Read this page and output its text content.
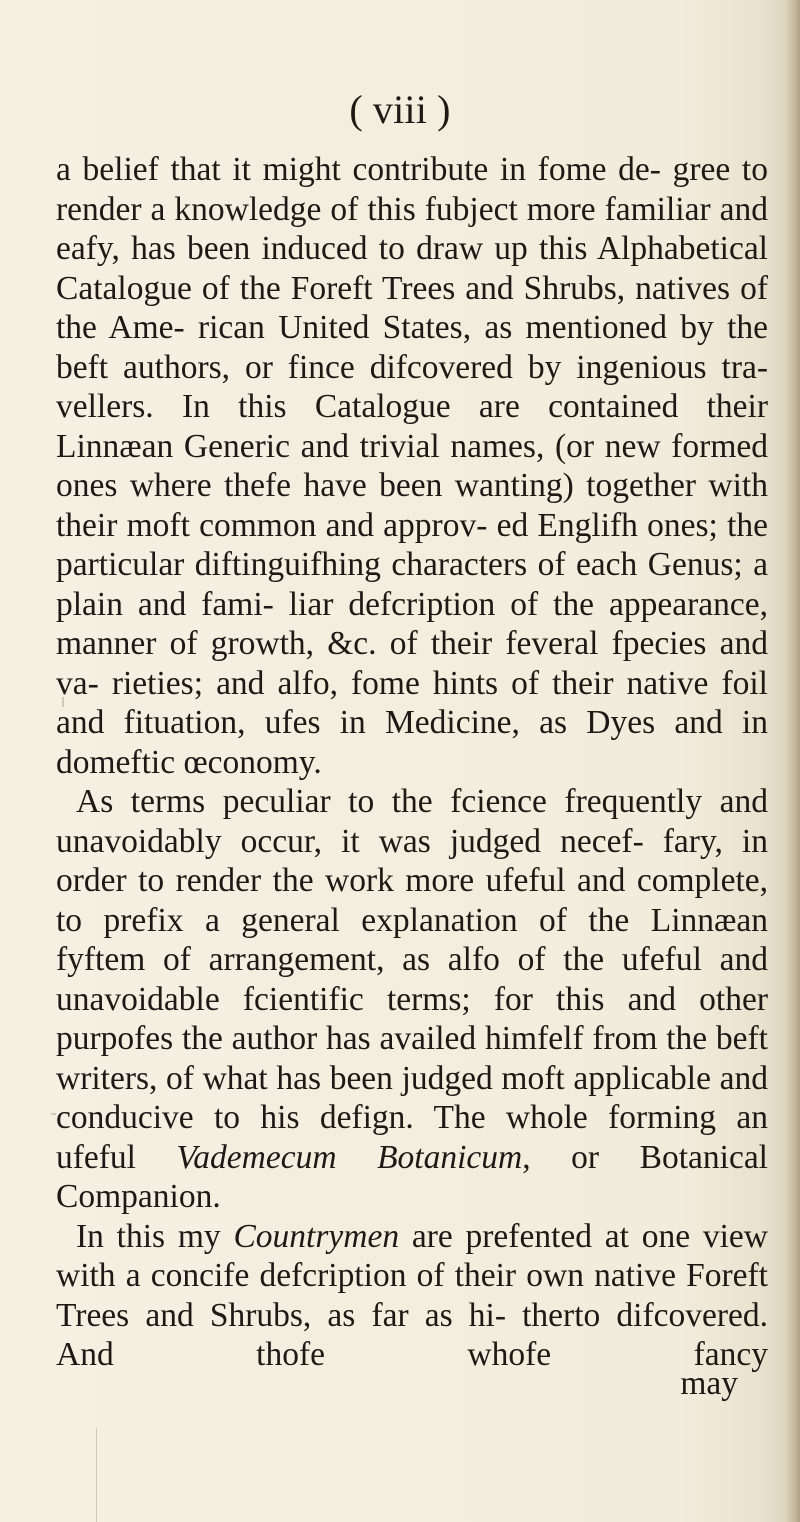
( viii )

a belief that it might contribute in fome de- gree to render a knowledge of this fubject more familiar and eafy, has been induced to draw up this Alphabetical Catalogue of the Foreft Trees and Shrubs, natives of the Ame- rican United States, as mentioned by the beft authors, or fince difcovered by ingenious tra- vellers. In this Catalogue are contained their Linnæan Generic and trivial names, (or new formed ones where thefe have been wanting) together with their moft common and approv- ed Englifh ones; the particular diftinguifhing characters of each Genus; a plain and fami- liar defcription of the appearance, manner of growth, &c. of their feveral fpecies and va- rieties; and alfo, fome hints of their native foil and fituation, ufes in Medicine, as Dyes and in domeftic œconomy.

As terms peculiar to the fcience frequently and unavoidably occur, it was judged necef- fary, in order to render the work more ufeful and complete, to prefix a general explanation of the Linnæan fyftem of arrangement, as alfo of the ufeful and unavoidable fcientific terms; for this and other purpofes the author has availed himfelf from the beft writers, of what has been judged moft applicable and conducive to his defign. The whole forming an ufeful Vademecum Botanicum, or Botanical Companion.

In this my Countrymen are prefented at one view with a concife defcription of their own native Foreft Trees and Shrubs, as far as hi- therto difcovered. And thofe whofe fancy

may
